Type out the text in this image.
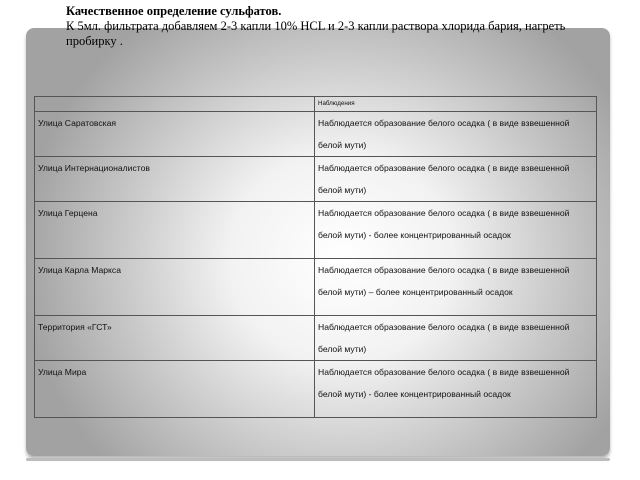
Качественное определение сульфатов.
К 5мл. фильтрата добавляем 2-3 капли 10% HCL и 2-3 капли раствора хлорида бария, нагреть пробирку .
	Наблюдения
Улица Саратовская	Наблюдается образование белого осадка ( в виде взвешенной белой мути)
Улица Интернационалистов	Наблюдается образование белого осадка ( в виде взвешенной белой мути)
Улица Герцена	Наблюдается образование белого осадка ( в виде взвешенной белой мути) - более концентрированный осадок
Улица Карла Маркса	Наблюдается образование белого осадка ( в виде взвешенной белой мути) – более концентрированный осадок
Территория «ГСТ»	Наблюдается образование белого осадка ( в виде взвешенной белой мути)
Улица Мира	Наблюдается образование белого осадка ( в виде взвешенной белой мути) - более концентрированный осадок
